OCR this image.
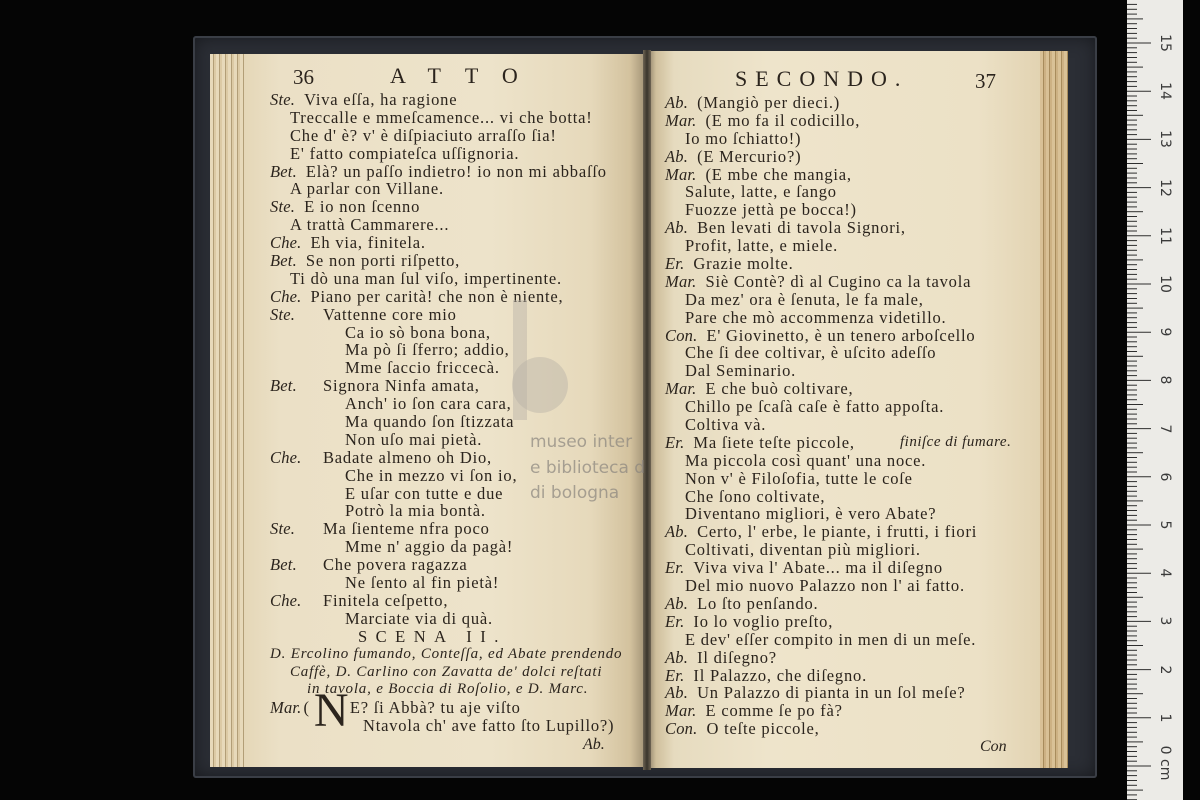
36	ATTO
Ste. Viva eſſa, ha ragione
Treccalle e mmeſcamence... vi che botta!
Che d' è? v' è diſpiaciuto arraſſo ſia!
E' fatto compiateſca uſſignoria.
Bet. Elà? un paſſo indietro! io non mi abbaſſo
A parlar con Villane.
Ste. E io non ſcenno
A trattà Cammarere...
Che. Eh via, finitela.
Bet. Se non porti riſpetto,
Ti dò una man ſul viſo, impertinente.
Che. Piano per carità! che non è niente,
Ste. Vattenne core mio
Ca io sò bona bona,
Ma pò ſi ſferro; addio,
Mme ſaccio friccecà.
Bet. Signora Ninfa amata,
Anch' io ſon cara cara,
Ma quando ſon ſtizzata
Non uſo mai pietà.
Che. Badate almeno oh Dio,
Che in mezzo vi ſon io,
E uſar con tutte e due
Potrò la mia bontà.
Ste. Ma ſienteme nfra poco
Mme n' aggio da pagà!
Bet. Che povera ragazza
Ne ſento al fin pietà!
Che. Finitela ceſpetto,
Marciate via di quà.
SCENA II.
D. Ercolino fumando, Conteſſa, ed Abate prendendo
Caffè, D. Carlino con Zavatta de' dolci reſtati
in tavola, e Boccia di Roſolio, e D. Marc.
Mar. ( N E? ſi Abbà? tu aje viſto
Ntavola ch' ave fatto ſto Lupillo?)
Ab.
SECONDO.	37
Ab. (Mangiò per dieci.)
Mar. (E mo fa il codicillo,
Io mo ſchiatto!)
Ab. (E Mercurio?)
Mar. (E mbe che mangia,
Salute, latte, e ſango
Fuozze jettà pe bocca!)
Ab. Ben levati di tavola Signori,
Profit, latte, e miele.
Er. Grazie molte.
Mar. Siè Contè? dì al Cugino ca la tavola
Da mez' ora è ſenuta, le fa male,
Pare che mò accommenza videtillo.
Con. E' Giovinetto, è un tenero arboſcello
Che ſi dee coltivar, è uſcito adeſſo
Dal Seminario.
Mar. E che buò coltivare,
Chillo pe ſcaſà caſe è fatto appoſta.
Coltiva và.
Er. Ma ſiete teſte piccole,	finiſce di fumare.
Ma piccola così quant' una noce.
Non v' è Filoſofia, tutte le coſe
Che ſono coltivate,
Diventano migliori, è vero Abate?
Ab. Certo, l' erbe, le piante, i frutti, i fiori
Coltivati, diventan più migliori.
Er. Viva viva l' Abate... ma il diſegno
Del mio nuovo Palazzo non l' ai fatto.
Ab. Lo ſto penſando.
Er. Io lo voglio preſto,
E dev' eſſer compito in men di un meſe.
Ab. Il diſegno?
Er. Il Palazzo, che diſegno.
Ab. Un Palazzo di pianta in un ſol meſe?
Mar. E comme ſe po fà?
Con. O teſte piccole,
Con
museo inter
e biblioteca d
di bologna
0 cm
1
2
3
4
5
6
7
8
9
10
11
12
13
14
15
